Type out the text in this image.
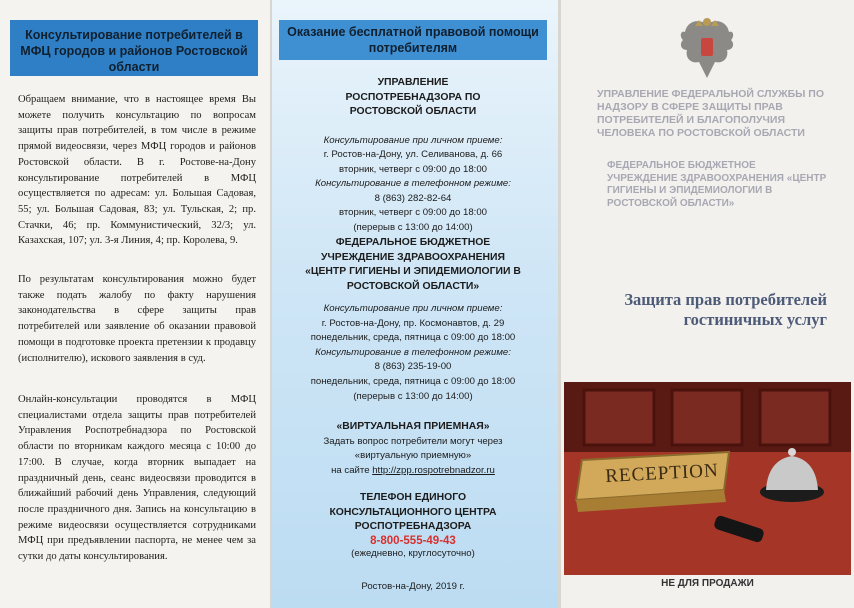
Консультирование потребителей в МФЦ городов и районов Ростовской области

Обращаем внимание, что в настоящее время Вы можете получить консультацию по вопросам защиты прав потребителей, в том числе в режиме прямой видеосвязи, через МФЦ городов и районов Ростовской области. В г. Ростове-на-Дону консультирование потребителей в МФЦ осуществляется по адресам: ул. Большая Садовая, 55; ул. Большая Садовая, 83; ул. Тульская, 2; пр. Стачки, 46; пр. Коммунистический, 32/3; ул. Казахская, 107; ул. 3-я Линия, 4; пр. Королева, 9.

По результатам консультирования можно будет также подать жалобу по факту нарушения законодательства в сфере защиты прав потребителей или заявление об оказании правовой помощи в подготовке проекта претензии к продавцу (исполнителю), искового заявления в суд.

Онлайн-консультации проводятся в МФЦ специалистами отдела защиты прав потребителей Управления Роспотребнадзора по Ростовской области по вторникам каждого месяца с 10:00 до 17:00. В случае, когда вторник выпадает на праздничный день, сеанс видеосвязи проводится в ближайший рабочий день Управления, следующий после праздничного дня. Запись на консультацию в режиме видеосвязи осуществляется сотрудниками МФЦ при предъявлении паспорта, не менее чем за сутки до даты консультирования.

Оказание бесплатной правовой помощи потребителям
УПРАВЛЕНИЕ РОСПОТРЕБНАДЗОРА ПО РОСТОВСКОЙ ОБЛАСТИ
Консультирование при личном приеме:
г. Ростов-на-Дону, ул. Селиванова, д. 66
вторник, четверг с 09:00 до 18:00
Консультирование в телефонном режиме:
8 (863) 282-82-64
вторник, четверг с 09:00 до 18:00
(перерыв с 13:00 до 14:00)
ФЕДЕРАЛЬНОЕ БЮДЖЕТНОЕ УЧРЕЖДЕНИЕ ЗДРАВООХРАНЕНИЯ «ЦЕНТР ГИГИЕНЫ И ЭПИДЕМИОЛОГИИ В РОСТОВСКОЙ ОБЛАСТИ»
Консультирование при личном приеме:
г. Ростов-на-Дону, пр. Космонавтов, д. 29
понедельник, среда, пятница с 09:00 до 18:00
Консультирование в телефонном режиме:
8 (863) 235-19-00
понедельник, среда, пятница с 09:00 до 18:00
(перерыв с 13:00 до 14:00)
«ВИРТУАЛЬНАЯ ПРИЕМНАЯ»
Задать вопрос потребители могут через
«виртуальную приемную»
на сайте http://zpp.rospotrebnadzor.ru
ТЕЛЕФОН ЕДИНОГО КОНСУЛЬТАЦИОННОГО ЦЕНТРА РОСПОТРЕБНАДЗОРА
8-800-555-49-43
(ежедневно, круглосуточно)
Ростов-на-Дону, 2019 г.
УПРАВЛЕНИЕ ФЕДЕРАЛЬНОЙ СЛУЖБЫ ПО НАДЗОРУ В СФЕРЕ ЗАЩИТЫ ПРАВ ПОТРЕБИТЕЛЕЙ И БЛАГОПОЛУЧИЯ ЧЕЛОВЕКА ПО РОСТОВСКОЙ ОБЛАСТИ
ФЕДЕРАЛЬНОЕ БЮДЖЕТНОЕ УЧРЕЖДЕНИЕ ЗДРАВООХРАНЕНИЯ «ЦЕНТР ГИГИЕНЫ И ЭПИДЕМИОЛОГИИ В РОСТОВСКОЙ ОБЛАСТИ»
Защита прав потребителей гостиничных услуг
RECEPTION
НЕ ДЛЯ ПРОДАЖИ
